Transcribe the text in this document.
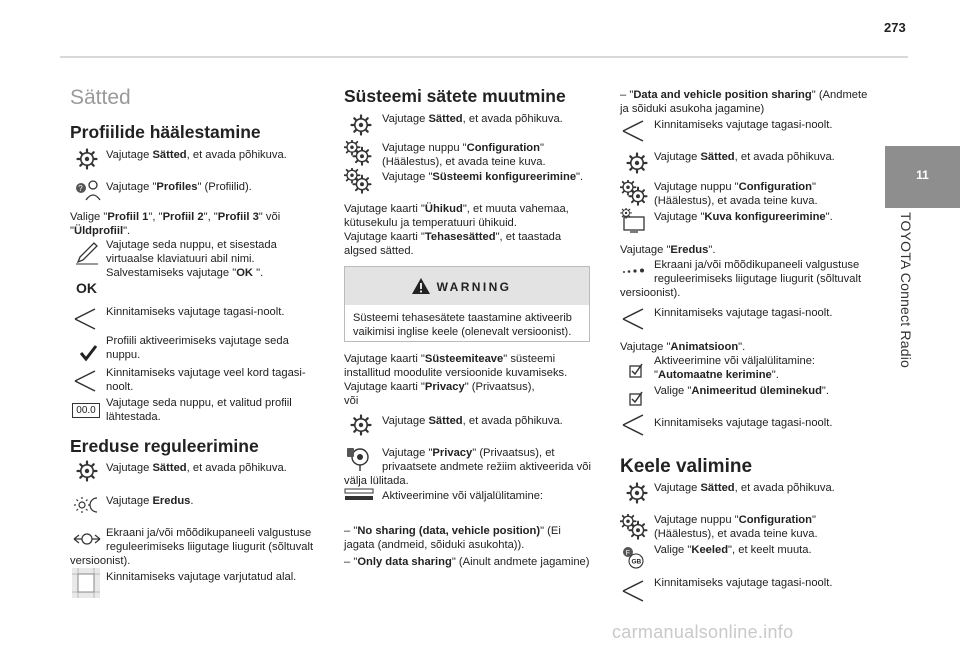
273
11
TOYOTA Connect Radio
Sätted
Profiilide häälestamine
Vajutage Sätted, et avada põhikuva.
? Vajutage "Profiles" (Profiilid).
Valige "Profiil 1", "Profiil 2", "Profiil 3" või
"Üldprofiil".
Vajutage seda nuppu, et sisestada virtuaalse klaviatuuri abil nimi.
Salvestamiseks vajutage "OK ".
OK
Kinnitamiseks vajutage tagasi-noolt.
Profiili aktiveerimiseks vajutage seda nuppu.
Kinnitamiseks vajutage veel kord tagasi-noolt.
00.0
Vajutage seda nuppu, et valitud profiil lähtestada.
Ereduse reguleerimine
Vajutage Sätted, et avada põhikuva.
Vajutage Eredus.
Ekraani ja/või mõõdikupaneeli valgustuse reguleerimiseks liigutage liugurit (sõltuvalt
versioonist).
Kinnitamiseks vajutage varjutatud alal.
Süsteemi sätete muutmine
Vajutage Sätted, et avada põhikuva.
Vajutage nuppu "Configuration" (Häälestus), et avada teine kuva.
Vajutage "Süsteemi konfigureerimine".
Vajutage kaarti "Ühikud", et muuta vahemaa, kütusekulu ja temperatuuri ühikuid.
Vajutage kaarti "Tehasesätted", et taastada algsed sätted.
WARNING
Süsteemi tehasesätete taastamine aktiveerib vaikimisi inglise keele (olenevalt versioonist).
Vajutage kaarti "Süsteemiteave" süsteemi installitud moodulite versioonide kuvamiseks.
Vajutage kaarti "Privacy" (Privaatsus),
või
Vajutage Sätted, et avada põhikuva.
Vajutage "Privacy" (Privaatsus), et privaatsete andmete režiim aktiveerida või
välja lülitada.
Aktiveerimine või väljalülitamine:
– "No sharing (data, vehicle position)" (Ei jagata (andmeid, sõiduki asukohta)).
– "Only data sharing" (Ainult andmete jagamine)
– "Data and vehicle position sharing" (Andmete ja sõiduki asukoha jagamine)
Kinnitamiseks vajutage tagasi-noolt.
Vajutage Sätted, et avada põhikuva.
Vajutage nuppu "Configuration" (Häälestus), et avada teine kuva.
Vajutage "Kuva konfigureerimine".
Vajutage "Eredus".
Ekraani ja/või mõõdikupaneeli valgustuse reguleerimiseks liigutage liugurit (sõltuvalt
versioonist).
Kinnitamiseks vajutage tagasi-noolt.
Vajutage "Animatsioon".
Aktiveerimine või väljalülitamine: "Automaatne kerimine".
Valige "Animeeritud üleminekud".
Kinnitamiseks vajutage tagasi-noolt.
Keele valimine
Vajutage Sätted, et avada põhikuva.
Vajutage nuppu "Configuration" (Häälestus), et avada teine kuva.
F
GB
Valige "Keeled", et keelt muuta.
Kinnitamiseks vajutage tagasi-noolt.
carmanualsonline.info
